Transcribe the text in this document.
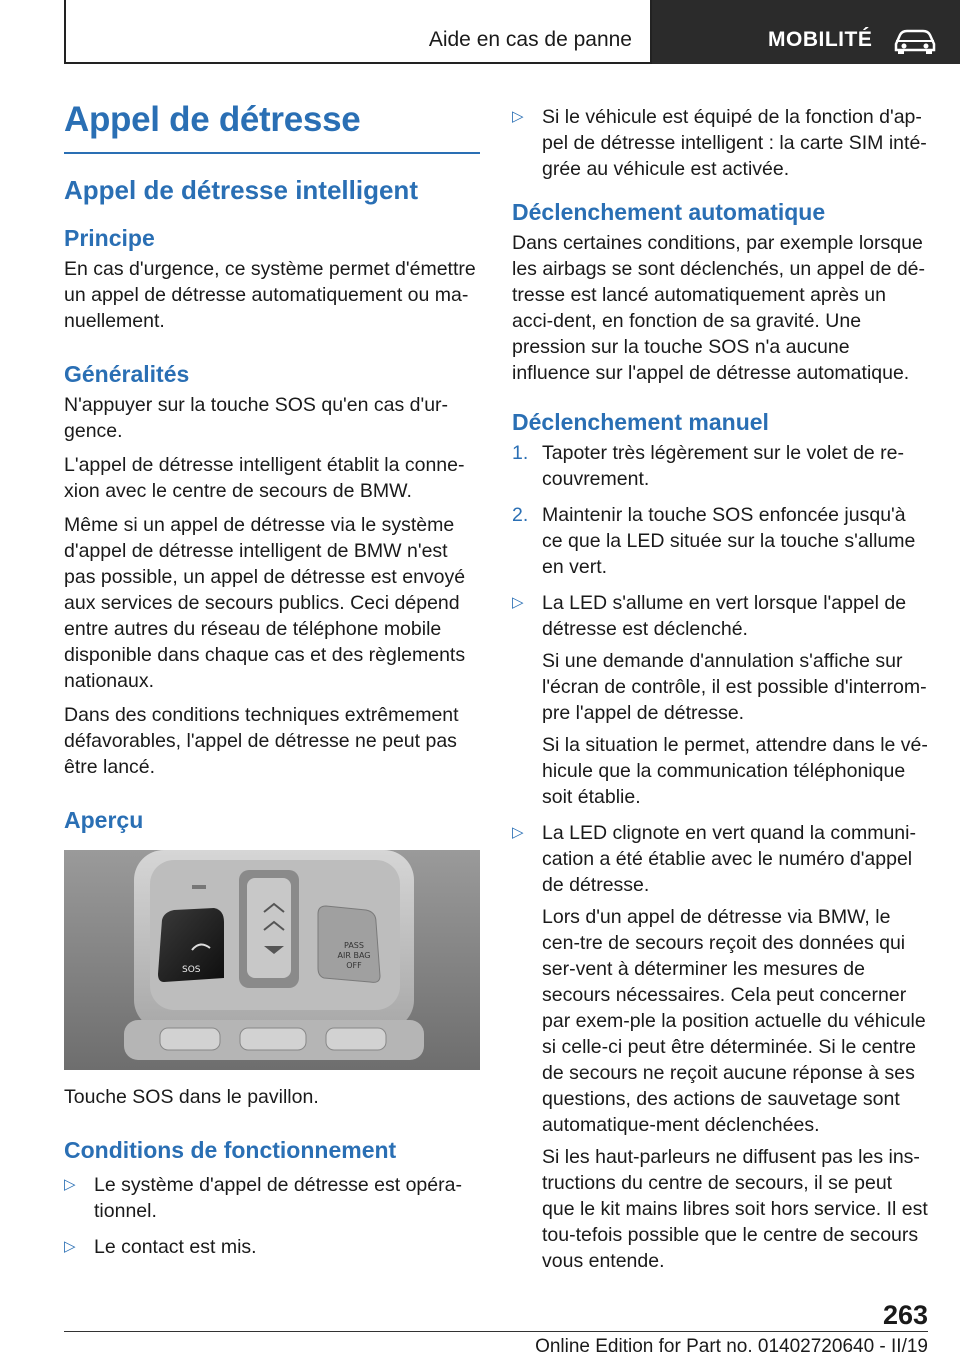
Aide en cas de panne	MOBILITÉ
Appel de détresse
Appel de détresse intelligent
Principe

En cas d'urgence, ce système permet d'émettre un appel de détresse automatiquement ou ma-nuellement.

Généralités

N'appuyer sur la touche SOS qu'en cas d'ur-gence.

L'appel de détresse intelligent établit la conne-xion avec le centre de secours de BMW.

Même si un appel de détresse via le système d'appel de détresse intelligent de BMW n'est pas possible, un appel de détresse est envoyé aux services de secours publics. Ceci dépend entre autres du réseau de téléphone mobile disponible dans chaque cas et des règlements nationaux.

Dans des conditions techniques extrêmement défavorables, l'appel de détresse ne peut pas être lancé.

Aperçu
SOS
PASS
AIR BAG
OFF

Touche SOS dans le pavillon.

Conditions de fonctionnement
▷ Le système d'appel de détresse est opéra-tionnel.
▷ Le contact est mis.
▷ Si le véhicule est équipé de la fonction d'ap-pel de détresse intelligent : la carte SIM inté-grée au véhicule est activée.
Déclenchement automatique

Dans certaines conditions, par exemple lorsque les airbags se sont déclenchés, un appel de dé-tresse est lancé automatiquement après un acci-dent, en fonction de sa gravité. Une pression sur la touche SOS n'a aucune influence sur l'appel de détresse automatique.

Déclenchement manuel
1. Tapoter très légèrement sur le volet de re-couvrement.
2. Maintenir la touche SOS enfoncée jusqu'à ce que la LED située sur la touche s'allume en vert.
▷ La LED s'allume en vert lorsque l'appel de détresse est déclenché.

Si une demande d'annulation s'affiche sur l'écran de contrôle, il est possible d'interrom-pre l'appel de détresse.

Si la situation le permet, attendre dans le vé-hicule que la communication téléphonique soit établie.

▷ La LED clignote en vert quand la communi-cation a été établie avec le numéro d'appel de détresse.

Lors d'un appel de détresse via BMW, le cen-tre de secours reçoit des données qui ser-vent à déterminer les mesures de secours nécessaires. Cela peut concerner par exem-ple la position actuelle du véhicule si celle-ci peut être déterminée. Si le centre de secours ne reçoit aucune réponse à ses questions, des actions de sauvetage sont automatique-ment déclenchées.

Si les haut-parleurs ne diffusent pas les ins-tructions du centre de secours, il se peut que le kit mains libres soit hors service. Il est tou-tefois possible que le centre de secours vous entende.

263
Online Edition for Part no. 01402720640 - II/19
